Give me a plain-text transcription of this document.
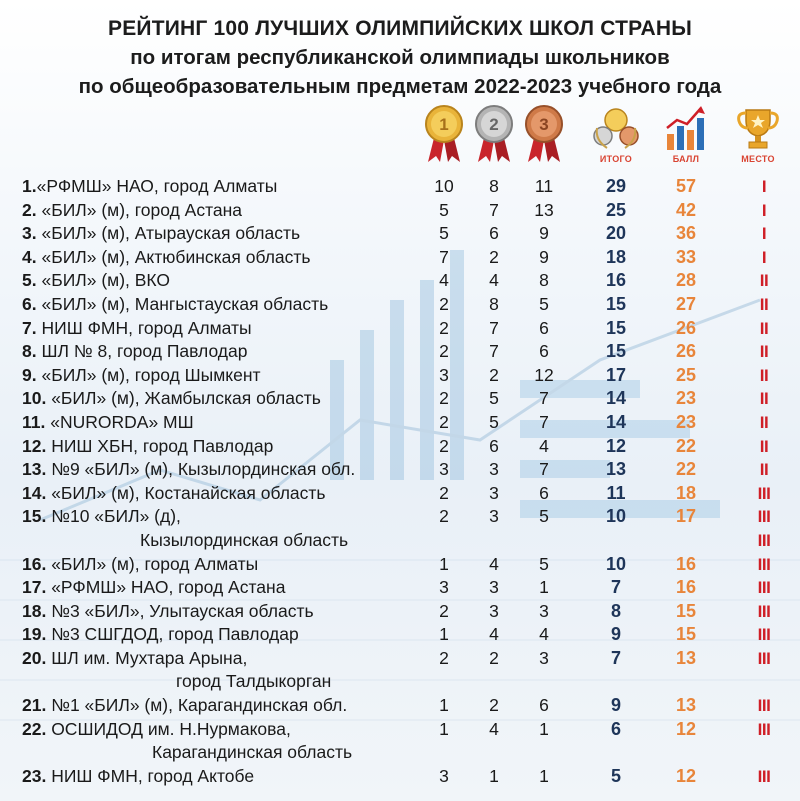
РЕЙТИНГ 100 ЛУЧШИХ ОЛИМПИЙСКИХ ШКОЛ СТРАНЫ
по итогам республиканской олимпиады школьников
по общеобразовательным предметам 2022-2023 учебного года
1 2 3
ИТОГО	БАЛЛ	МЕСТО
1.«РФМШ» НАО, город Алматы	10	8	11	29	57	I
2. «БИЛ» (м), город Астана	5	7	13	25	42	I
3. «БИЛ» (м), Атырауская область	5	6	9	20	36	I
4. «БИЛ» (м), Актюбинская область	7	2	9	18	33	I
5. «БИЛ» (м), ВКО	4	4	8	16	28	II
6. «БИЛ» (м), Мангыстауская область	2	8	5	15	27	II
7. НИШ ФМН, город Алматы	2	7	6	15	26	II
8. ШЛ № 8, город Павлодар	2	7	6	15	26	II
9. «БИЛ» (м), город Шымкент	3	2	12	17	25	II
10. «БИЛ» (м), Жамбылская область	2	5	7	14	23	II
11. «NURORDA» МШ	2	5	7	14	23	II
12. НИШ ХБН, город Павлодар	2	6	4	12	22	II
13. №9 «БИЛ» (м), Кызылординская обл.	3	3	7	13	22	II
14. «БИЛ» (м), Костанайская область	2	3	6	11	18	III
15. №10 «БИЛ» (д),	2	3	5	10	17	III
Кызылординская область	III
16. «БИЛ» (м), город Алматы	1	4	5	10	16	III
17. «РФМШ» НАО, город Астана	3	3	1	7	16	III
18. №3 «БИЛ», Улытауская область	2	3	3	8	15	III
19. №3 СШГДОД, город Павлодар	1	4	4	9	15	III
20. ШЛ им. Мухтара Арына,	2	2	3	7	13	III
город Талдыкорган
21. №1 «БИЛ» (м), Карагандинская обл.	1	2	6	9	13	III
22. ОСШИДОД им. Н.Нурмакова,	1	4	1	6	12	III
Карагандинская область
23. НИШ ФМН, город Актобе	3	1	1	5	12	III
